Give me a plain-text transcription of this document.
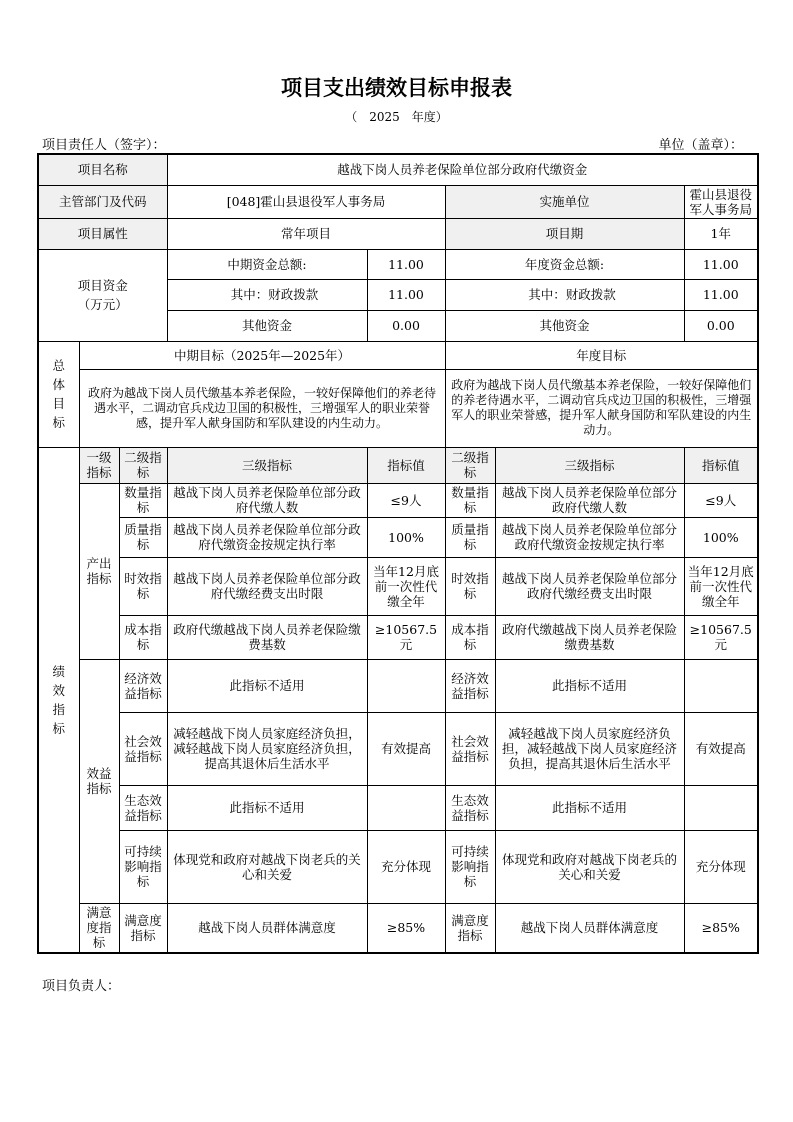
项目支出绩效目标申报表
（　2025　年度）
项目责任人（签字）：	单位（盖章）：
项目名称			越战下岗人员养老保险单位部分政府代缴资金				
主管部门及代码			[048]霍山县退役军人事务局		实施单位		霍山县退役军人事务局
项目属性			常年项目		项目期		1年
项目资金（万元）			中期资金总额:	11.00	年度资金总额:		11.00
			其中：财政拨款	11.00	其中：财政拨款		11.00
			其他资金	0.00	其他资金		0.00
总体目标	中期目标（2025年—2025年）				年度目标		
	政府为越战下岗人员代缴基本养老保险，一较好保障他们的养老待遇水平，二调动官兵戍边卫国的积极性，三增强军人的职业荣誉感，提升军人献身国防和军队建设的内生动力。				政府为越战下岗人员代缴基本养老保险，一较好保障他们的养老待遇水平，二调动官兵戍边卫国的积极性，三增强军人的职业荣誉感，提升军人献身国防和军队建设的内生动力。		
绩效指标	一级指标	二级指标	三级指标	指标值	二级指标	三级指标	指标值
	产出指标	数量指标	越战下岗人员养老保险单位部分政府代缴人数	≤9人	数量指标	越战下岗人员养老保险单位部分政府代缴人数	≤9人
		质量指标	越战下岗人员养老保险单位部分政府代缴资金按规定执行率	100%	质量指标	越战下岗人员养老保险单位部分政府代缴资金按规定执行率	100%
		时效指标	越战下岗人员养老保险单位部分政府代缴经费支出时限	当年12月底前一次性代缴全年	时效指标	越战下岗人员养老保险单位部分政府代缴经费支出时限	当年12月底前一次性代缴全年
		成本指标	政府代缴越战下岗人员养老保险缴费基数	≥10567.5元	成本指标	政府代缴越战下岗人员养老保险缴费基数	≥10567.5元
	效益指标	经济效益指标	此指标不适用		经济效益指标	此指标不适用	
		社会效益指标	减轻越战下岗人员家庭经济负担，减轻越战下岗人员家庭经济负担，提高其退休后生活水平	有效提高	社会效益指标	减轻越战下岗人员家庭经济负担，减轻越战下岗人员家庭经济负担，提高其退休后生活水平	有效提高
		生态效益指标	此指标不适用		生态效益指标	此指标不适用	
		可持续影响指标	体现党和政府对越战下岗老兵的关心和关爱	充分体现	可持续影响指标	体现党和政府对越战下岗老兵的关心和关爱	充分体现
	满意度指标	满意度指标	越战下岗人员群体满意度	≥85%	满意度指标	越战下岗人员群体满意度	≥85%
项目负责人：
